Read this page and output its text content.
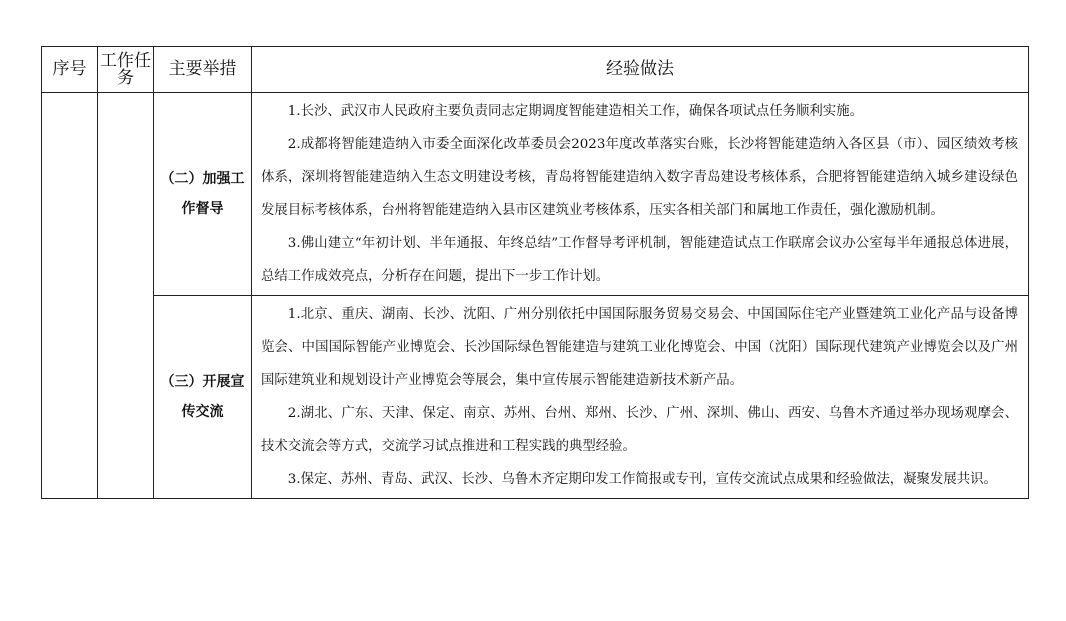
序号	工作任务	主要举措	经验做法
		（二）加强工作督导	1.长沙、武汉市人民政府主要负责同志定期调度智能建造相关工作，确保各项试点任务顺利实施。

2.成都将智能建造纳入市委全面深化改革委员会2023年度改革落实台账，长沙将智能建造纳入各区县（市）、园区绩效考核体系，深圳将智能建造纳入生态文明建设考核，青岛将智能建造纳入数字青岛建设考核体系，合肥将智能建造纳入城乡建设绿色发展目标考核体系，台州将智能建造纳入县市区建筑业考核体系，压实各相关部门和属地工作责任，强化激励机制。

3.佛山建立“年初计划、半年通报、年终总结”工作督导考评机制，智能建造试点工作联席会议办公室每半年通报总体进展，总结工作成效亮点，分析存在问题，提出下一步工作计划。

		（三）开展宣传交流	1.北京、重庆、湖南、长沙、沈阳、广州分别依托中国国际服务贸易交易会、中国国际住宅产业暨建筑工业化产品与设备博览会、中国国际智能产业博览会、长沙国际绿色智能建造与建筑工业化博览会、中国（沈阳）国际现代建筑产业博览会以及广州国际建筑业和规划设计产业博览会等展会，集中宣传展示智能建造新技术新产品。

2.湖北、广东、天津、保定、南京、苏州、台州、郑州、长沙、广州、深圳、佛山、西安、乌鲁木齐通过举办现场观摩会、技术交流会等方式，交流学习试点推进和工程实践的典型经验。

3.保定、苏州、青岛、武汉、长沙、乌鲁木齐定期印发工作简报或专刊，宣传交流试点成果和经验做法，凝聚发展共识。
